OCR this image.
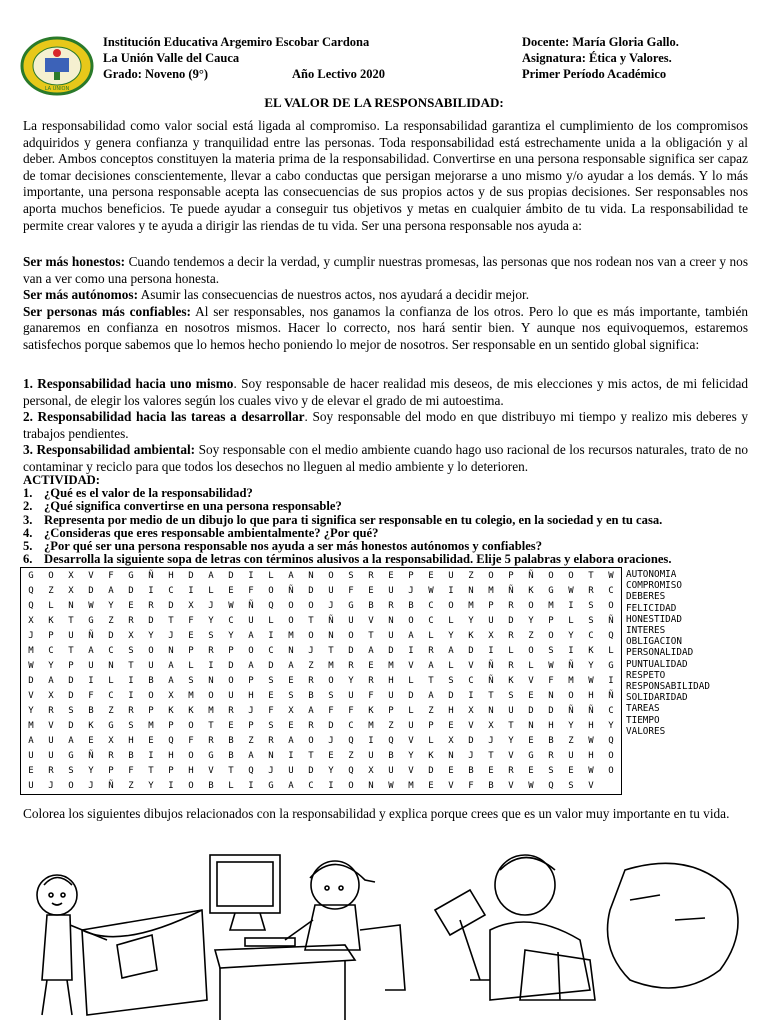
LA UNION
Institución Educativa Argemiro Escobar Cardona
La Unión Valle del Cauca
Grado: Noveno (9°)	Año Lectivo 2020
Docente: María Gloria Gallo.
Asignatura: Ética y Valores.
Primer Período Académico
EL VALOR DE LA RESPONSABILIDAD:
La responsabilidad como valor social está ligada al compromiso. La responsabilidad garantiza el cumplimiento de los compromisos adquiridos y genera confianza y tranquilidad entre las personas. Toda responsabilidad está estrechamente unida a la obligación y al deber. Ambos conceptos constituyen la materia prima de la responsabilidad. Convertirse en una persona responsable significa ser capaz de tomar decisiones conscientemente, llevar a cabo conductas que persigan mejorarse a uno mismo y/o ayudar a los demás. Y lo más importante, una persona responsable acepta las consecuencias de sus propios actos y de sus propias decisiones. Ser responsables nos aporta muchos beneficios. Te puede ayudar a conseguir tus objetivos y metas en cualquier ámbito de tu vida. La responsabilidad te permite crear valores y te ayuda a dirigir las riendas de tu vida. Ser una persona responsable nos ayuda a:

Ser más honestos: Cuando tendemos a decir la verdad, y cumplir nuestras promesas, las personas que nos rodean nos van a creer y nos van a ver como una persona honesta.

Ser más autónomos: Asumir las consecuencias de nuestros actos, nos ayudará a decidir mejor.

Ser personas más confiables: Al ser responsables, nos ganamos la confianza de los otros. Pero lo que es más importante, también ganaremos en confianza en nosotros mismos. Hacer lo correcto, nos hará sentir bien. Y aunque nos equivoquemos, estaremos satisfechos porque sabemos que lo hemos hecho poniendo lo mejor de nosotros. Ser responsable en un sentido global significa:

1. Responsabilidad hacia uno mismo. Soy responsable de hacer realidad mis deseos, de mis elecciones y mis actos, de mi felicidad personal, de elegir los valores según los cuales vivo y de elevar el grado de mi autoestima.

2. Responsabilidad hacia las tareas a desarrollar. Soy responsable del modo en que distribuyo mi tiempo y realizo mis deberes y trabajos pendientes.

3. Responsabilidad ambiental: Soy responsable con el medio ambiente cuando hago uso racional de los recursos naturales, trato de no contaminar y reciclo para que todos los desechos no lleguen al medio ambiente y lo deterioren.

ACTIVIDAD:
1. ¿Qué es el valor de la responsabilidad?
2. ¿Qué significa convertirse en una persona responsable?
3. Representa por medio de un dibujo lo que para ti significa ser responsable en tu colegio, en la sociedad y en tu casa.
4. ¿Consideras que eres responsable ambientalmente? ¿Por qué?
5. ¿Por qué ser una persona responsable nos ayuda a ser más honestos autónomos y confiables?
6. Desarrolla la siguiente sopa de letras con términos alusivos a la responsabilidad. Elije 5 palabras y elabora oraciones.
G	O	X	V	F	G	Ñ	H	D	A	D	I	L	A	N	O	S	R	E	P	E	U	Z	O	P	Ñ	O	O	T	W
Q	Z	X	D	A	D	I	C	I	L	E	F	O	Ñ	D	U	F	E	U	J	W	I	N	M	Ñ	K	G	W	R	C
Q	L	N	W	Y	E	R	D	X	J	W	Ñ	Q	O	O	J	G	B	R	B	C	O	M	P	R	O	M	I	S	O
X	K	T	G	Z	R	D	T	F	Y	C	U	L	O	T	Ñ	U	V	N	O	C	L	Y	U	D	Y	P	L	S	Ñ
J	P	U	Ñ	D	X	Y	J	E	S	Y	A	I	M	O	N	O	T	U	A	L	Y	K	X	R	Z	O	Y	C	Q
M	C	T	A	C	S	O	N	P	R	P	O	C	N	J	T	D	A	D	I	R	A	D	I	L	O	S	I	K	L
W	Y	P	U	N	T	U	A	L	I	D	A	D	A	Z	M	R	E	M	V	A	L	V	Ñ	R	L	W	Ñ	Y	G
D	A	D	I	L	I	B	A	S	N	O	P	S	E	R	O	Y	R	H	L	T	S	C	Ñ	K	V	F	M	W	I
V	X	D	F	C	I	O	X	M	O	U	H	E	S	B	S	U	F	U	D	A	D	I	T	S	E	N	O	H	Ñ
Y	R	S	B	Z	R	P	K	K	M	R	J	F	X	A	F	F	K	P	L	Z	H	X	N	U	D	D	Ñ	Ñ	C
M	V	D	K	G	S	M	P	O	T	E	P	S	E	R	D	C	M	Z	U	P	E	V	X	T	N	H	Y	H	Y
A	U	A	E	X	H	E	Q	F	R	B	Z	R	A	O	J	Q	I	Q	V	L	X	D	J	Y	E	B	Z	W	Q
U	U	G	Ñ	R	B	I	H	O	G	B	A	N	I	T	E	Z	U	B	Y	K	N	J	T	V	G	R	U	H	O
E	R	S	Y	P	F	T	P	H	V	T	Q	J	U	D	Y	Q	X	U	V	D	E	B	E	R	E	S	E	W	O
U	J	O	J	Ñ	Z	Y	I	O	B	L	I	G	A	C	I	O	N	W	M	E	V	F	B	V	W	Q	S	V	
AUTONOMIA
COMPROMISO
DEBERES
FELICIDAD
HONESTIDAD
INTERES
OBLIGACION
PERSONALIDAD
PUNTUALIDAD
RESPETO
RESPONSABILIDAD
SOLIDARIDAD
TAREAS
TIEMPO
VALORES
Colorea los siguientes dibujos relacionados con la responsabilidad y explica porque crees que es un valor muy importante en tu vida.
